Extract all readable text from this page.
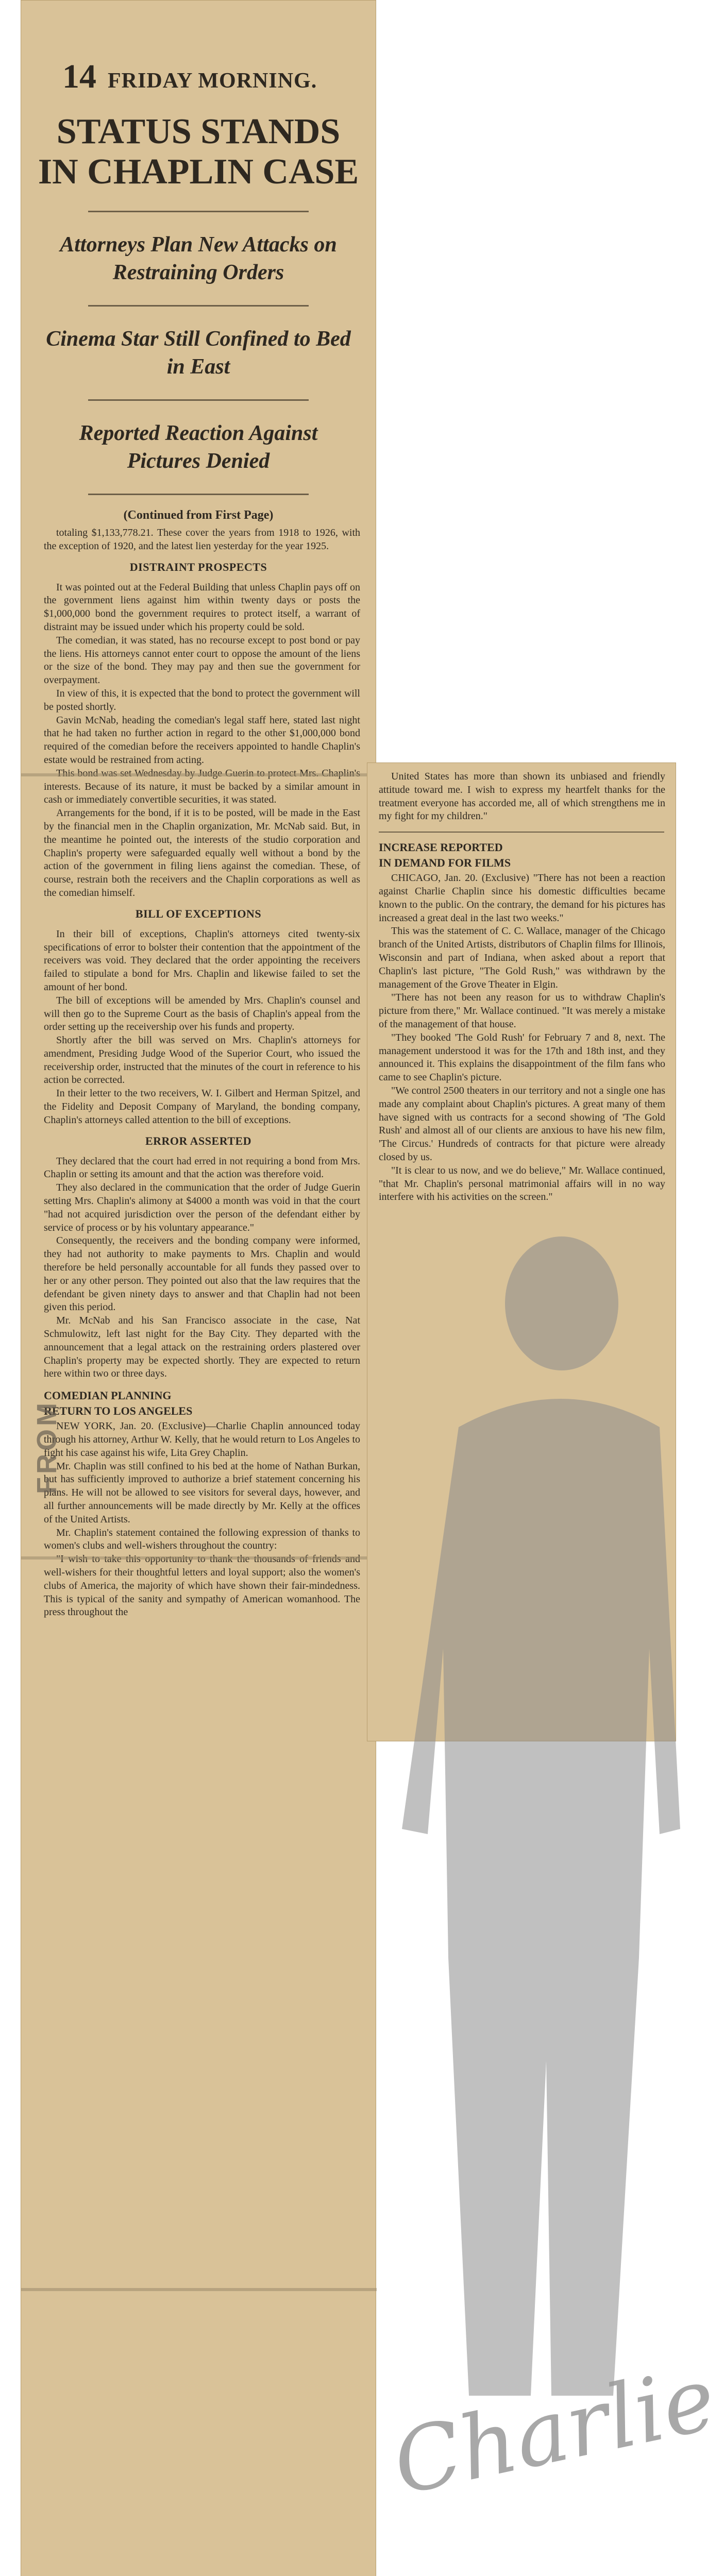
14 FRIDAY MORNING.
STATUS STANDS
IN CHAPLIN CASE

Attorneys Plan New Attacks on Restraining Orders

Cinema Star Still Confined to Bed in East

Reported Reaction Against Pictures Denied

(Continued from First Page)

totaling $1,133,778.21. These cover the years from 1918 to 1926, with the exception of 1920, and the latest lien yesterday for the year 1925.

DISTRAINT PROSPECTS

It was pointed out at the Federal Building that unless Chaplin pays off on the government liens against him within twenty days or posts the $1,000,000 bond the government requires to protect itself, a warrant of distraint may be issued under which his property could be sold.

The comedian, it was stated, has no recourse except to post bond or pay the liens. His attorneys cannot enter court to oppose the amount of the liens or the size of the bond. They may pay and then sue the government for overpayment.

In view of this, it is expected that the bond to protect the government will be posted shortly.

Gavin McNab, heading the comedian's legal staff here, stated last night that he had taken no further action in regard to the other $1,000,000 bond required of the comedian before the receivers appointed to handle Chaplin's estate would be restrained from acting.

interests. Because of its nature, it must be backed by a similar amount in cash or immediately convertible securities, it was stated.

Arrangements for the bond, if it is to be posted, will be made in the East by the financial men in the Chaplin organization, Mr. McNab said. But, in the meantime he pointed out, the interests of the studio corporation and Chaplin's property were safeguarded equally well without a bond by the action of the government in filing liens against the comedian. These, of course, restrain both the receivers and the Chaplin corporations as well as the comedian himself.

BILL OF EXCEPTIONS

In their bill of exceptions, Chaplin's attorneys cited twenty-six specifications of error to bolster their contention that the appointment of the receivers was void. They declared that the order appointing the receivers failed to stipulate a bond for Mrs. Chaplin and likewise failed to set the amount of her bond.

The bill of exceptions will be amended by Mrs. Chaplin's counsel and will then go to the Supreme Court as the basis of Chaplin's appeal from the order setting up the receivership over his funds and property.

Shortly after the bill was served on Mrs. Chaplin's attorneys for amendment, Presiding Judge Wood of the Superior Court, who issued the receivership order, instructed that the minutes of the court in reference to his action be corrected.

In their letter to the two receivers, W. I. Gilbert and Herman Spitzel, and the Fidelity and Deposit Company of Maryland, the bonding company, Chaplin's attorneys called attention to the bill of exceptions.

ERROR ASSERTED

They declared that the court had erred in not requiring a bond from Mrs. Chaplin or setting its amount and that the action was therefore void.

They also declared in the communication that the order of Judge Guerin setting Mrs. Chaplin's alimony at $4000 a month was void in that the court "had not acquired jurisdiction over the person of the defendant either by service of process or by his voluntary appearance."

Consequently, the receivers and the bonding company were informed, they had not authority to make payments to Mrs. Chaplin and would therefore be held personally accountable for all funds they passed over to her or any other person. They pointed out also that the law requires that the defendant be given ninety days to answer and that Chaplin had not been given this period.

Mr. McNab and his San Francisco associate in the case, Nat Schmulowitz, left last night for the Bay City. They departed with the announcement that a legal attack on the restraining orders plastered over Chaplin's property may be expected shortly. They are expected to return here within two or three days.

COMEDIAN PLANNING
RETURN TO LOS ANGELES

NEW YORK, Jan. 20. (Exclusive)—Charlie Chaplin announced today through his attorney, Arthur W. Kelly, that he would return to Los Angeles to fight his case against his wife, Lita Grey Chaplin.

Mr. Chaplin was still confined to his bed at the home of Nathan Burkan, but has sufficiently improved to authorize a brief statement concerning his plans. He will not be allowed to see visitors for several days, however, and all further announcements will be made directly by Mr. Kelly at the offices of the United Artists.

Mr. Chaplin's statement contained the following expression of thanks to women's clubs and well-wishers throughout the country:

well-wishers for their thoughtful letters and loyal support; also the women's clubs of America, the majority of which have shown their fair-mindedness. This is typical of the sanity and sympathy of American womanhood. The press throughout the

United States has more than shown its unbiased and friendly attitude toward me. I wish to express my heartfelt thanks for the treatment everyone has accorded me, all of which strengthens me in my fight for my children."

INCREASE REPORTED
IN DEMAND FOR FILMS

CHICAGO, Jan. 20. (Exclusive) "There has not been a reaction against Charlie Chaplin since his domestic difficulties became known to the public. On the contrary, the demand for his pictures has increased a great deal in the last two weeks."

This was the statement of C. C. Wallace, manager of the Chicago branch of the United Artists, distributors of Chaplin films for Illinois, Wisconsin and part of Indiana, when asked about a report that Chaplin's last picture, "The Gold Rush," was withdrawn by the management of the Grove Theater in Elgin.

"There has not been any reason for us to withdraw Chaplin's picture from there," Mr. Wallace continued. "It was merely a mistake of the management of that house.

"They booked 'The Gold Rush' for February 7 and 8, next. The management understood it was for the 17th and 18th inst, and they announced it. This explains the disappointment of the film fans who came to see Chaplin's picture.

"We control 2500 theaters in our territory and not a single one has made any complaint about Chaplin's pictures. A great many of them have signed with us contracts for a second showing of 'The Gold Rush' and almost all of our clients are anxious to have his new film, 'The Circus.' Hundreds of contracts for that picture were already closed by us.

"It is clear to us now, and we do believe," Mr. Wallace continued, "that Mr. Chaplin's personal matrimonial affairs will in no way interfere with his activities on the screen."

FROM
Charlie
